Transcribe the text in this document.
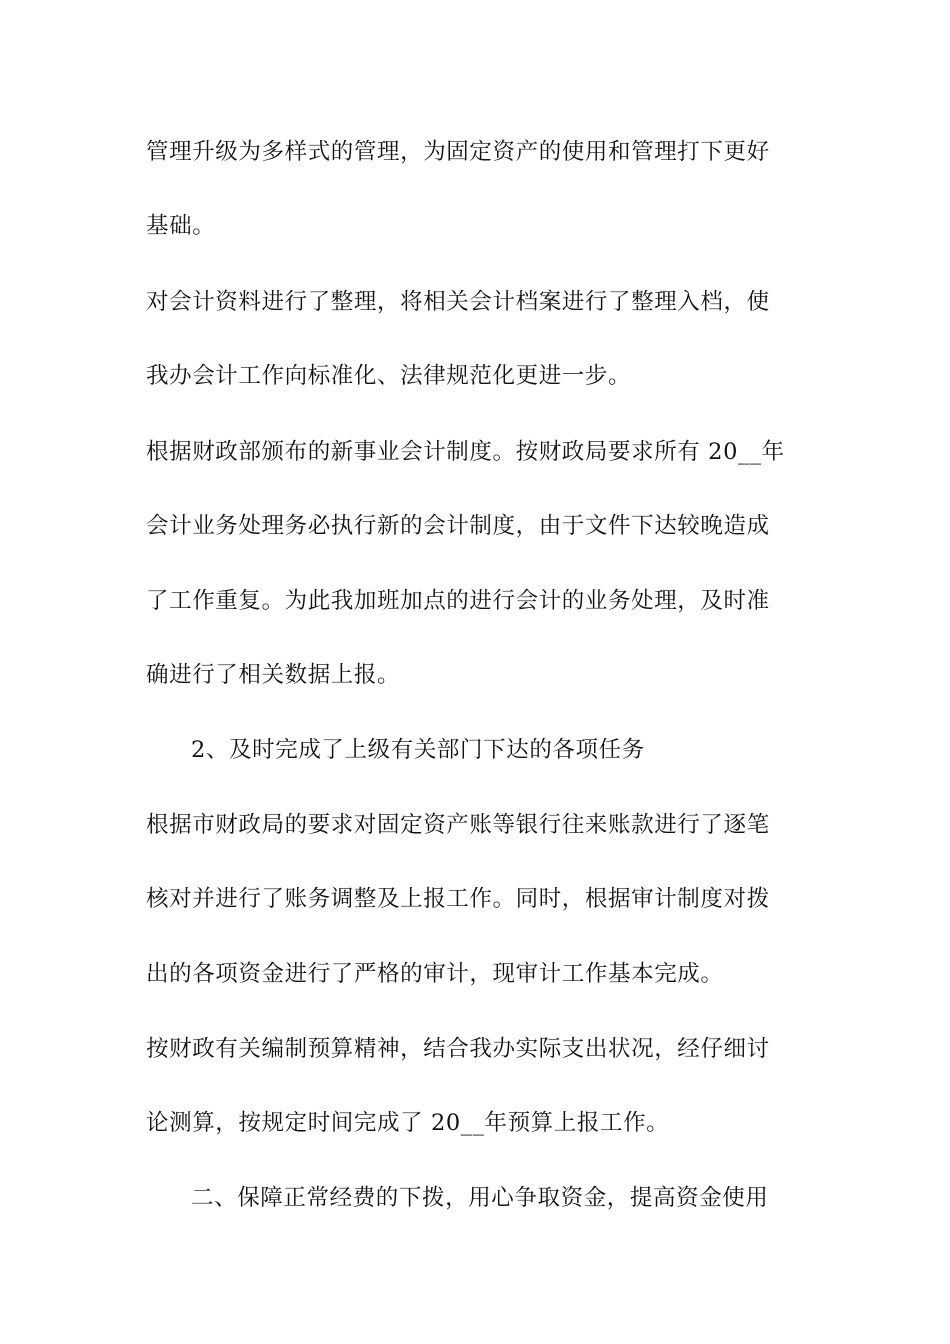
管理升级为多样式的管理，为固定资产的使用和管理打下更好
基础。
对会计资料进行了整理，将相关会计档案进行了整理入档，使
我办会计工作向标准化、法律规范化更进一步。
根据财政部颁布的新事业会计制度。按财政局要求所有 20__年
会计业务处理务必执行新的会计制度，由于文件下达较晚造成
了工作重复。为此我加班加点的进行会计的业务处理，及时准
确进行了相关数据上报。
2、及时完成了上级有关部门下达的各项任务
根据市财政局的要求对固定资产账等银行往来账款进行了逐笔
核对并进行了账务调整及上报工作。同时，根据审计制度对拨
出的各项资金进行了严格的审计，现审计工作基本完成。
按财政有关编制预算精神，结合我办实际支出状况，经仔细讨
论测算，按规定时间完成了 20__年预算上报工作。
二、保障正常经费的下拨，用心争取资金，提高资金使用
